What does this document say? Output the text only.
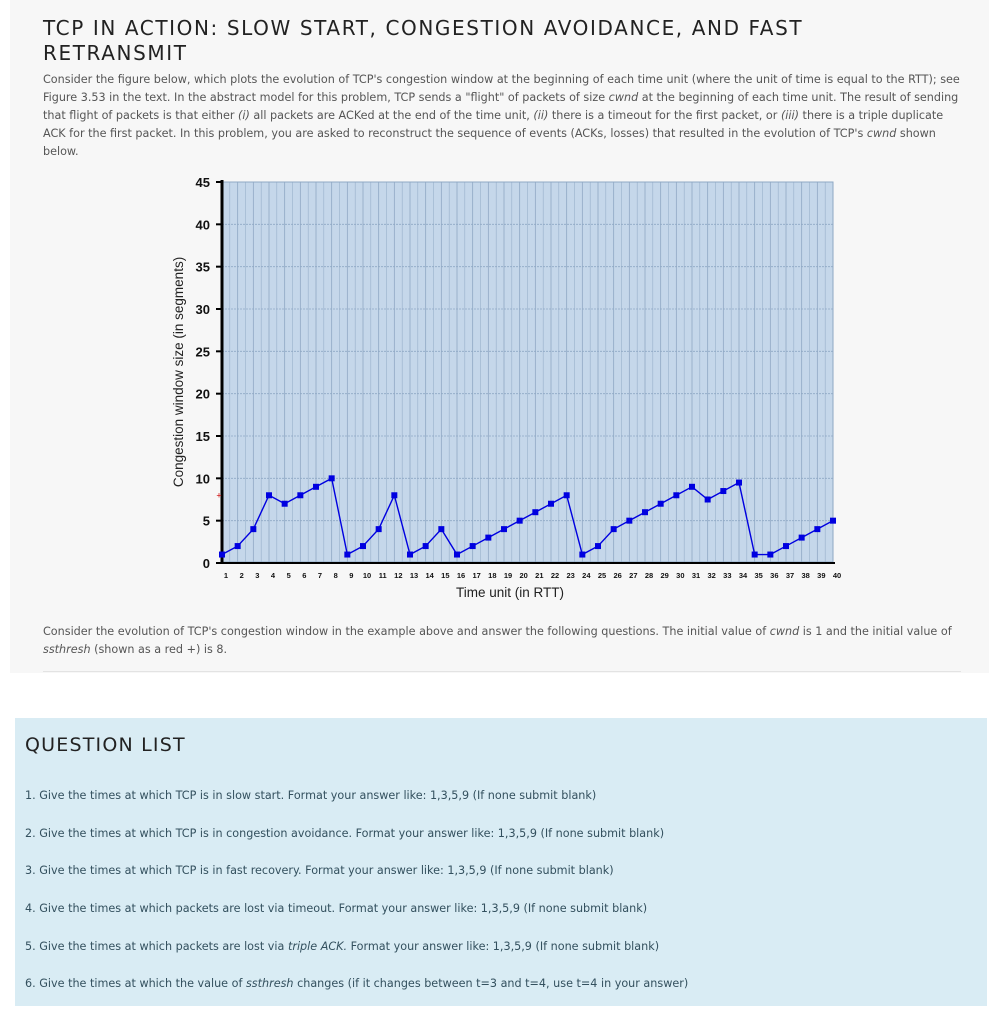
TCP IN ACTION: SLOW START, CONGESTION AVOIDANCE, AND FAST RETRANSMIT

Consider the figure below, which plots the evolution of TCP's congestion window at the beginning of each time unit (where the unit of time is equal to the RTT); see Figure 3.53 in the text. In the abstract model for this problem, TCP sends a "flight" of packets of size cwnd at the beginning of each time unit. The result of sending that flight of packets is that either (i) all packets are ACKed at the end of the time unit, (ii) there is a timeout for the first packet, or (iii) there is a triple duplicate ACK for the first packet. In this problem, you are asked to reconstruct the sequence of events (ACKs, losses) that resulted in the evolution of TCP's cwnd shown below.

0
5
10
15
20
25
30
35
40
45
1 2 3 4 5 6 7 8 9 10 11 12 13 14 15 16 17 18 19 20 21 22 23 24 25 26 27 28 29 30 31 32 33 34 35 36 37 38 39 40
+
Time unit (in RTT)
Congestion window size (in segments)

Consider the evolution of TCP's congestion window in the example above and answer the following questions. The initial value of cwnd is 1 and the initial value of ssthresh (shown as a red +) is 8.

QUESTION LIST
1. Give the times at which TCP is in slow start. Format your answer like: 1,3,5,9 (If none submit blank)
2. Give the times at which TCP is in congestion avoidance. Format your answer like: 1,3,5,9 (If none submit blank)
3. Give the times at which TCP is in fast recovery. Format your answer like: 1,3,5,9 (If none submit blank)
4. Give the times at which packets are lost via timeout. Format your answer like: 1,3,5,9 (If none submit blank)
5. Give the times at which packets are lost via triple ACK. Format your answer like: 1,3,5,9 (If none submit blank)
6. Give the times at which the value of ssthresh changes (if it changes between t=3 and t=4, use t=4 in your answer)
